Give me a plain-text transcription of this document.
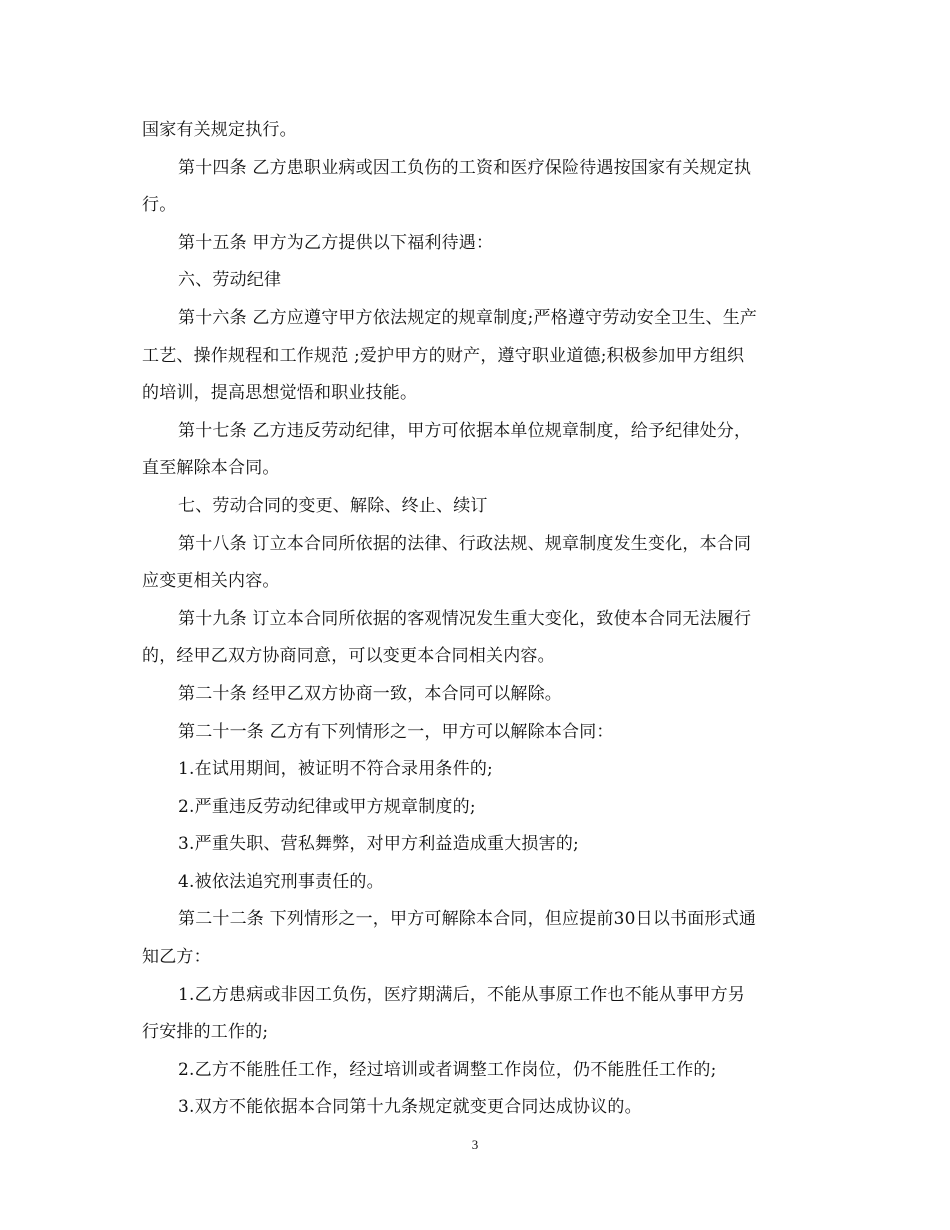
国家有关规定执行。
第十四条 乙方患职业病或因工负伤的工资和医疗保险待遇按国家有关规定执
行。
第十五条 甲方为乙方提供以下福利待遇：
六、劳动纪律
第十六条 乙方应遵守甲方依法规定的规章制度;严格遵守劳动安全卫生、生产
工艺、操作规程和工作规范 ;爱护甲方的财产，遵守职业道德;积极参加甲方组织
的培训，提高思想觉悟和职业技能。
第十七条 乙方违反劳动纪律，甲方可依据本单位规章制度，给予纪律处分，
直至解除本合同。
七、劳动合同的变更、解除、终止、续订
第十八条 订立本合同所依据的法律、行政法规、规章制度发生变化，本合同
应变更相关内容。
第十九条 订立本合同所依据的客观情况发生重大变化，致使本合同无法履行
的，经甲乙双方协商同意，可以变更本合同相关内容。
第二十条 经甲乙双方协商一致，本合同可以解除。
第二十一条 乙方有下列情形之一，甲方可以解除本合同：
1.在试用期间，被证明不符合录用条件的;
2.严重违反劳动纪律或甲方规章制度的;
3.严重失职、营私舞弊，对甲方利益造成重大损害的;
4.被依法追究刑事责任的。
第二十二条 下列情形之一，甲方可解除本合同，但应提前30日以书面形式通
知乙方：
1.乙方患病或非因工负伤，医疗期满后，不能从事原工作也不能从事甲方另
行安排的工作的;
2.乙方不能胜任工作，经过培训或者调整工作岗位，仍不能胜任工作的;
3.双方不能依据本合同第十九条规定就变更合同达成协议的。
3
